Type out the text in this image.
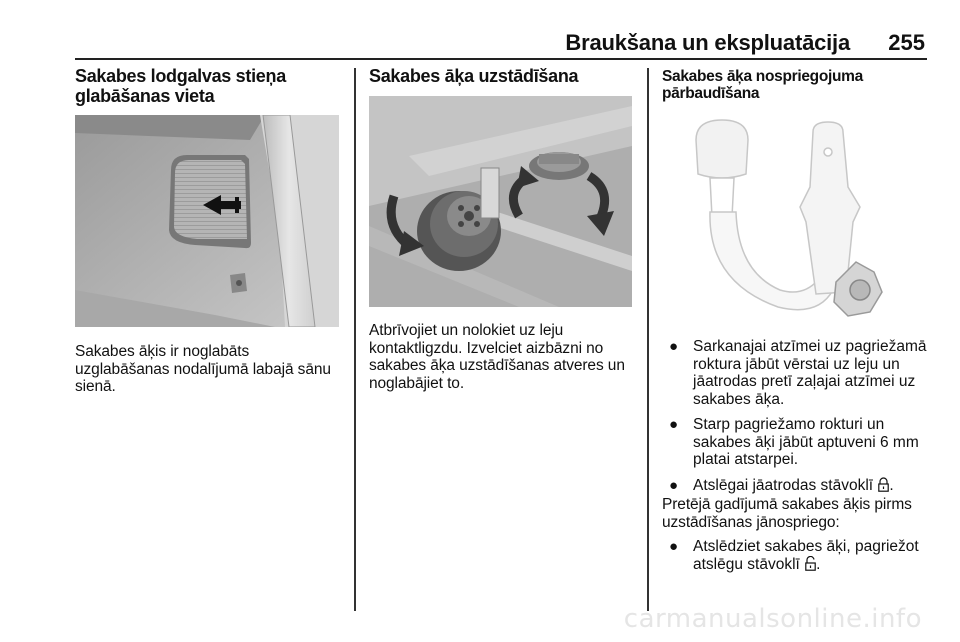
Braukšana un ekspluatācija	255
Sakabes lodgalvas stieņa glabāšanas vieta
Sakabes āķis ir noglabāts uzglabāšanas nodalījumā labajā sānu sienā.
Sakabes āķa uzstādīšana
Atbrīvojiet un nolokiet uz leju kontaktligzdu. Izvelciet aizbāzni no sakabes āķa uzstādīšanas atveres un noglabājiet to.
Sakabes āķa nospriegojuma pārbaudīšana
● Sarkanajai atzīmei uz pagriežamā roktura jābūt vērstai uz leju un jāatrodas pretī zaļajai atzīmei uz sakabes āķa.
● Starp pagriežamo rokturi un sakabes āķi jābūt aptuveni 6 mm platai atstarpei.
● Atslēgai jāatrodas stāvoklī .
Pretējā gadījumā sakabes āķis pirms uzstādīšanas jānospriego:
● Atslēdziet sakabes āķi, pagriežot atslēgu stāvoklī .
carmanualsonline.info
